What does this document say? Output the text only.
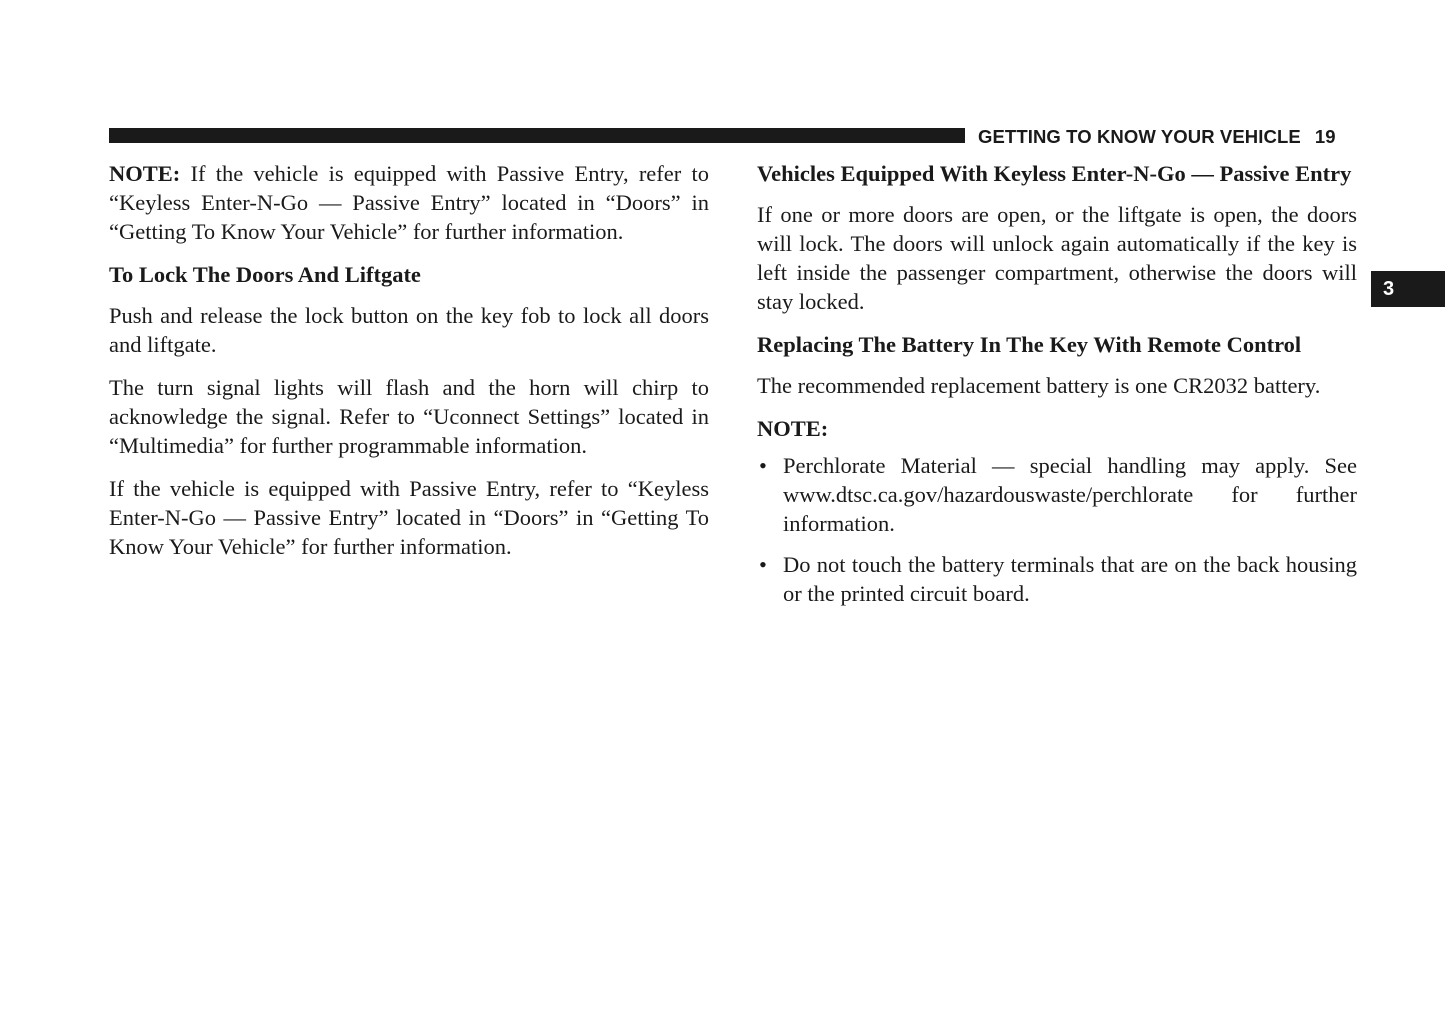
GETTING TO KNOW YOUR VEHICLE 19
3

NOTE: If the vehicle is equipped with Passive Entry, refer to “Keyless Enter-N-Go — Passive Entry” located in “Doors” in “Getting To Know Your Vehicle” for further information.

To Lock The Doors And Liftgate

Push and release the lock button on the key fob to lock all doors and liftgate.

The turn signal lights will flash and the horn will chirp to acknowledge the signal. Refer to “Uconnect Settings” located in “Multimedia” for further programmable information.

If the vehicle is equipped with Passive Entry, refer to “Keyless Enter-N-Go — Passive Entry” located in “Doors” in “Getting To Know Your Vehicle” for further information.

Vehicles Equipped With Keyless Enter-N-Go — Passive Entry

If one or more doors are open, or the liftgate is open, the doors will lock. The doors will unlock again automatically if the key is left inside the passenger compartment, otherwise the doors will stay locked.

Replacing The Battery In The Key With Remote Control

The recommended replacement battery is one CR2032 battery.

NOTE:

• Perchlorate Material — special handling may apply. See www.dtsc.ca.gov/hazardouswaste/perchlorate for further information.
• Do not touch the battery terminals that are on the back housing or the printed circuit board.
